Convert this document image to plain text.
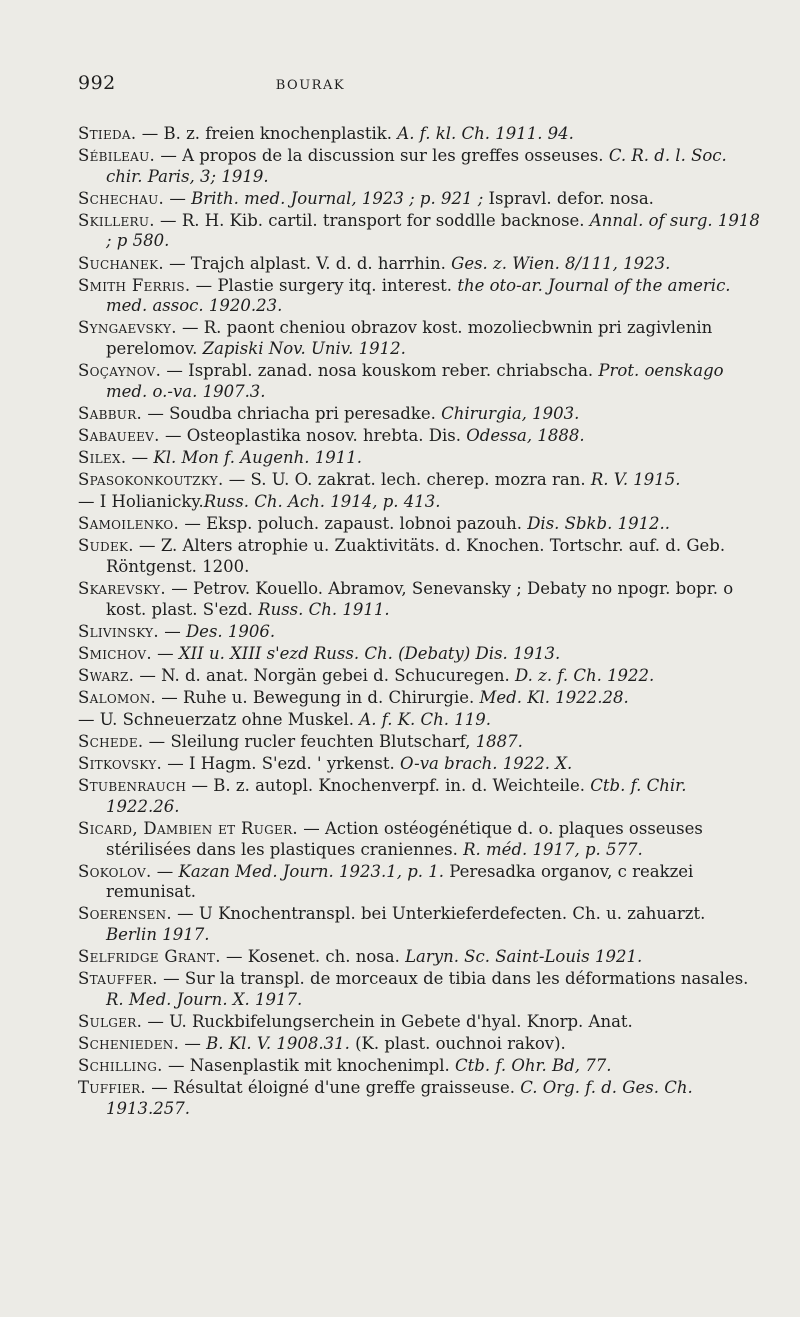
992	BOURAK

Stieda. — B. z. freien knochenplastik. A. f. kl. Ch. 1911. 94.

Sébileau. — A propos de la discussion sur les greffes osseuses. C. R. d. l. Soc. chir. Paris, 3; 1919.

Schechau. — Brith. med. Journal, 1923 ; p. 921 ; Ispravl. defor. nosa.

Skilleru. — R. H. Kib. cartil. transport for soddlle backnose. Annal. of surg. 1918 ; p 580.

Suchanek. — Trajch alplast. V. d. d. harrhin. Ges. z. Wien. 8/111, 1923.

Smith Ferris. — Plastie surgery itq. interest. the oto-ar. Journal of the americ. med. assoc. 1920.23.

Syngaevsky. — R. paont cheniou obrazov kost. mozoliecbwnin pri zagivlenin perelomov. Zapiski Nov. Univ. 1912.

Soçaynov. — Isprabl. zanad. nosa kouskom reber. chriabscha. Prot. oenskago med. o.-va. 1907.3.

Sabbur. — Soudba chriacha pri peresadke. Chirurgia, 1903.

Sabaueev. — Osteoplastika nosov. hrebta. Dis. Odessa, 1888.

Silex. — Kl. Mon f. Augenh. 1911.

Spasokonkoutzky. — S. U. O. zakrat. lech. cherep. mozra ran. R. V. 1915.

— I Holianicky.Russ. Ch. Ach. 1914, p. 413.

Samoilenko. — Eksp. poluch. zapaust. lobnoi pazouh. Dis. Sbkb. 1912..

Sudek. — Z. Alters atrophie u. Zuaktivitäts. d. Knochen. Tortschr. auf. d. Geb. Röntgenst. 1200.

Skarevsky. — Petrov. Kouello. Abramov, Senevansky ; Debaty no npogr. bopr. o kost. plast. S'ezd. Russ. Ch. 1911.

Slivinsky. — Des. 1906.

Smichov. — XII u. XIII s'ezd Russ. Ch. (Debaty) Dis. 1913.

Swarz. — N. d. anat. Norgän gebei d. Schucuregen. D. z. f. Ch. 1922.

Salomon. — Ruhe u. Bewegung in d. Chirurgie. Med. Kl. 1922.28.

— U. Schneuerzatz ohne Muskel. A. f. K. Ch. 119.

Schede. — Sleilung rucler feuchten Blutscharf, 1887.

Sitkovsky. — I Hagm. S'ezd. ' yrkenst. O-va brach. 1922. X.

Stubenrauch — B. z. autopl. Knochenverpf. in. d. Weichteile. Ctb. f. Chir. 1922.26.

Sicard, Dambien et Ruger. — Action ostéogénétique d. o. plaques osseuses stérilisées dans les plastiques craniennes. R. méd. 1917, p. 577.

Sokolov. — Kazan Med. Journ. 1923.1, p. 1. Peresadka organov, c reakzei remunisat.

Soerensen. — U Knochentranspl. bei Unterkieferdefecten. Ch. u. zahuarzt. Berlin 1917.

Selfridge Grant. — Kosenet. ch. nosa. Laryn. Sc. Saint-Louis 1921.

Stauffer. — Sur la transpl. de morceaux de tibia dans les déformations nasales. R. Med. Journ. X. 1917.

Sulger. — U. Ruckbifelungserchein in Gebete d'hyal. Knorp. Anat.

Schenieden. — B. Kl. V. 1908.31. (K. plast. ouchnoi rakov).

Schilling. — Nasenplastik mit knochenimpl. Ctb. f. Ohr. Bd, 77.

Tuffier. — Résultat éloigné d'une greffe graisseuse. C. Org. f. d. Ges. Ch. 1913.257.
